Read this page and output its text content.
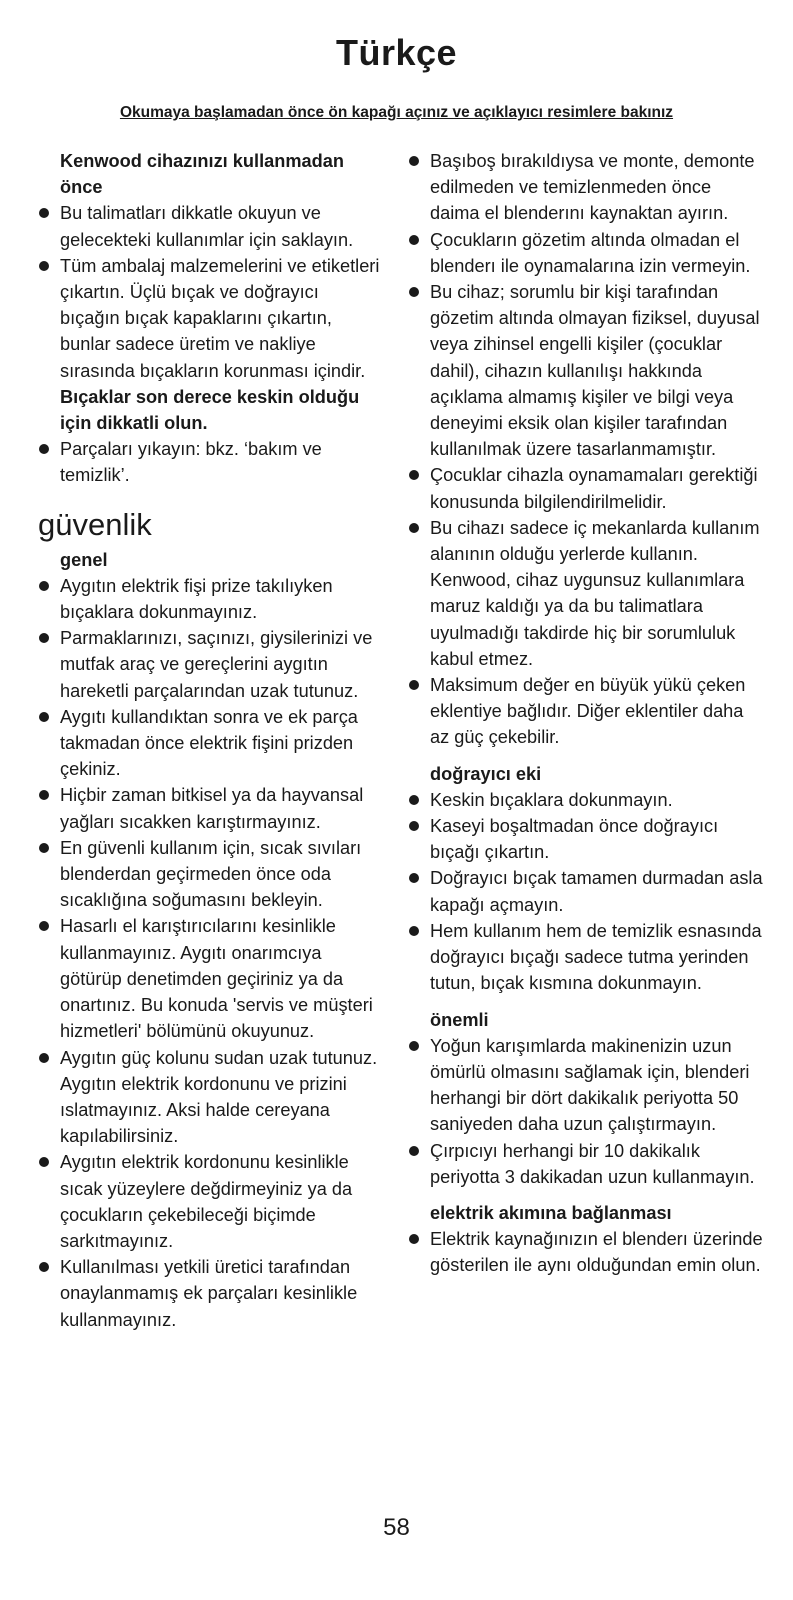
Türkçe
Okumaya başlamadan önce ön kapağı açınız ve açıklayıcı resimlere bakınız
Kenwood cihazınızı kullanmadan önce
Bu talimatları dikkatle okuyun ve gelecekteki kullanımlar için saklayın.
Tüm ambalaj malzemelerini ve etiketleri çıkartın. Üçlü bıçak ve doğrayıcı bıçağın bıçak kapaklarını çıkartın, bunlar sadece üretim ve nakliye sırasında bıçakların korunması içindir. Bıçaklar son derece keskin olduğu için dikkatli olun.
Parçaları yıkayın: bkz. ‘bakım ve temizlik’.
güvenlik
genel
Aygıtın elektrik fişi prize takılıyken bıçaklara dokunmayınız.
Parmaklarınızı, saçınızı, giysilerinizi ve mutfak araç ve gereçlerini aygıtın hareketli parçalarından uzak tutunuz.
Aygıtı kullandıktan sonra ve ek parça takmadan önce elektrik fişini prizden çekiniz.
Hiçbir zaman bitkisel ya da hayvansal yağları sıcakken karıştırmayınız.
En güvenli kullanım için, sıcak sıvıları blenderdan geçirmeden önce oda sıcaklığına soğumasını bekleyin.
Hasarlı el karıştırıcılarını kesinlikle kullanmayınız. Aygıtı onarımcıya götürüp denetimden geçiriniz ya da onartınız. Bu konuda 'servis ve müşteri hizmetleri' bölümünü okuyunuz.
Aygıtın güç kolunu sudan uzak tutunuz. Aygıtın elektrik kordonunu ve prizini ıslatmayınız. Aksi halde cereyana kapılabilirsiniz.
Aygıtın elektrik kordonunu kesinlikle sıcak yüzeylere değdirmeyiniz ya da çocukların çekebileceği biçimde sarkıtmayınız.
Kullanılması yetkili üretici tarafından onaylanmamış ek parçaları kesinlikle kullanmayınız.
Başıboş bırakıldıysa ve monte, demonte edilmeden ve temizlenmeden önce daima el blenderını kaynaktan ayırın.
Çocukların gözetim altında olmadan el blenderı ile oynamalarına izin vermeyin.
Bu cihaz; sorumlu bir kişi tarafından gözetim altında olmayan fiziksel, duyusal veya zihinsel engelli kişiler (çocuklar dahil), cihazın kullanılışı hakkında açıklama almamış kişiler ve bilgi veya deneyimi eksik olan kişiler tarafından kullanılmak üzere tasarlanmamıştır.
Çocuklar cihazla oynamamaları gerektiği konusunda bilgilendirilmelidir.
Bu cihazı sadece iç mekanlarda kullanım alanının olduğu yerlerde kullanın. Kenwood, cihaz uygunsuz kullanımlara maruz kaldığı ya da bu talimatlara uyulmadığı takdirde hiç bir sorumluluk kabul etmez.
Maksimum değer en büyük yükü çeken eklentiye bağlıdır. Diğer eklentiler daha az güç çekebilir.
doğrayıcı eki
Keskin bıçaklara dokunmayın.
Kaseyi boşaltmadan önce doğrayıcı bıçağı çıkartın.
Doğrayıcı bıçak tamamen durmadan asla kapağı açmayın.
Hem kullanım hem de temizlik esnasında doğrayıcı bıçağı sadece tutma yerinden tutun, bıçak kısmına dokunmayın.
önemli
Yoğun karışımlarda makinenizin uzun ömürlü olmasını sağlamak için, blenderi herhangi bir dört dakikalık periyotta 50 saniyeden daha uzun çalıştırmayın.
Çırpıcıyı herhangi bir 10 dakikalık periyotta 3 dakikadan uzun kullanmayın.
elektrik akımına bağlanması
Elektrik kaynağınızın el blenderı üzerinde gösterilen ile aynı olduğundan emin olun.
58
